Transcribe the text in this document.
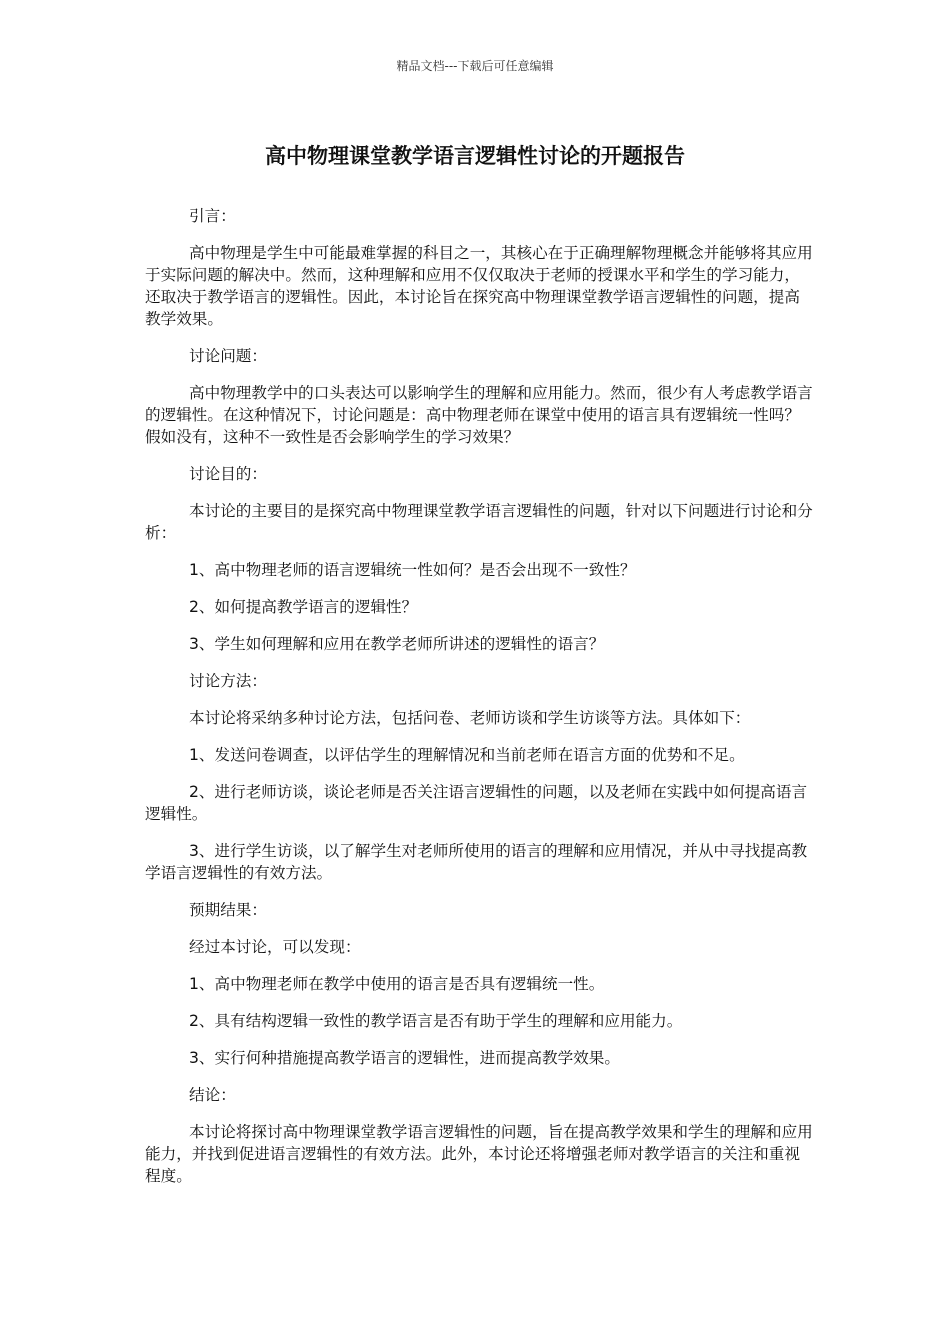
精品文档---下载后可任意编辑
高中物理课堂教学语言逻辑性讨论的开题报告

引言：

高中物理是学生中可能最难掌握的科目之一，其核心在于正确理解物理概念并能够将其应用于实际问题的解决中。然而，这种理解和应用不仅仅取决于老师的授课水平和学生的学习能力，还取决于教学语言的逻辑性。因此，本讨论旨在探究高中物理课堂教学语言逻辑性的问题，提高教学效果。

讨论问题：

高中物理教学中的口头表达可以影响学生的理解和应用能力。然而，很少有人考虑教学语言的逻辑性。在这种情况下，讨论问题是：高中物理老师在课堂中使用的语言具有逻辑统一性吗？假如没有，这种不一致性是否会影响学生的学习效果？

讨论目的：

本讨论的主要目的是探究高中物理课堂教学语言逻辑性的问题，针对以下问题进行讨论和分析：

1、高中物理老师的语言逻辑统一性如何？是否会出现不一致性？

2、如何提高教学语言的逻辑性？

3、学生如何理解和应用在教学老师所讲述的逻辑性的语言？

讨论方法：

本讨论将采纳多种讨论方法，包括问卷、老师访谈和学生访谈等方法。具体如下：

1、发送问卷调查，以评估学生的理解情况和当前老师在语言方面的优势和不足。

2、进行老师访谈，谈论老师是否关注语言逻辑性的问题，以及老师在实践中如何提高语言逻辑性。

3、进行学生访谈，以了解学生对老师所使用的语言的理解和应用情况，并从中寻找提高教学语言逻辑性的有效方法。

预期结果：

经过本讨论，可以发现：

1、高中物理老师在教学中使用的语言是否具有逻辑统一性。

2、具有结构逻辑一致性的教学语言是否有助于学生的理解和应用能力。

3、实行何种措施提高教学语言的逻辑性，进而提高教学效果。

结论：

本讨论将探讨高中物理课堂教学语言逻辑性的问题，旨在提高教学效果和学生的理解和应用能力，并找到促进语言逻辑性的有效方法。此外，本讨论还将增强老师对教学语言的关注和重视程度。
